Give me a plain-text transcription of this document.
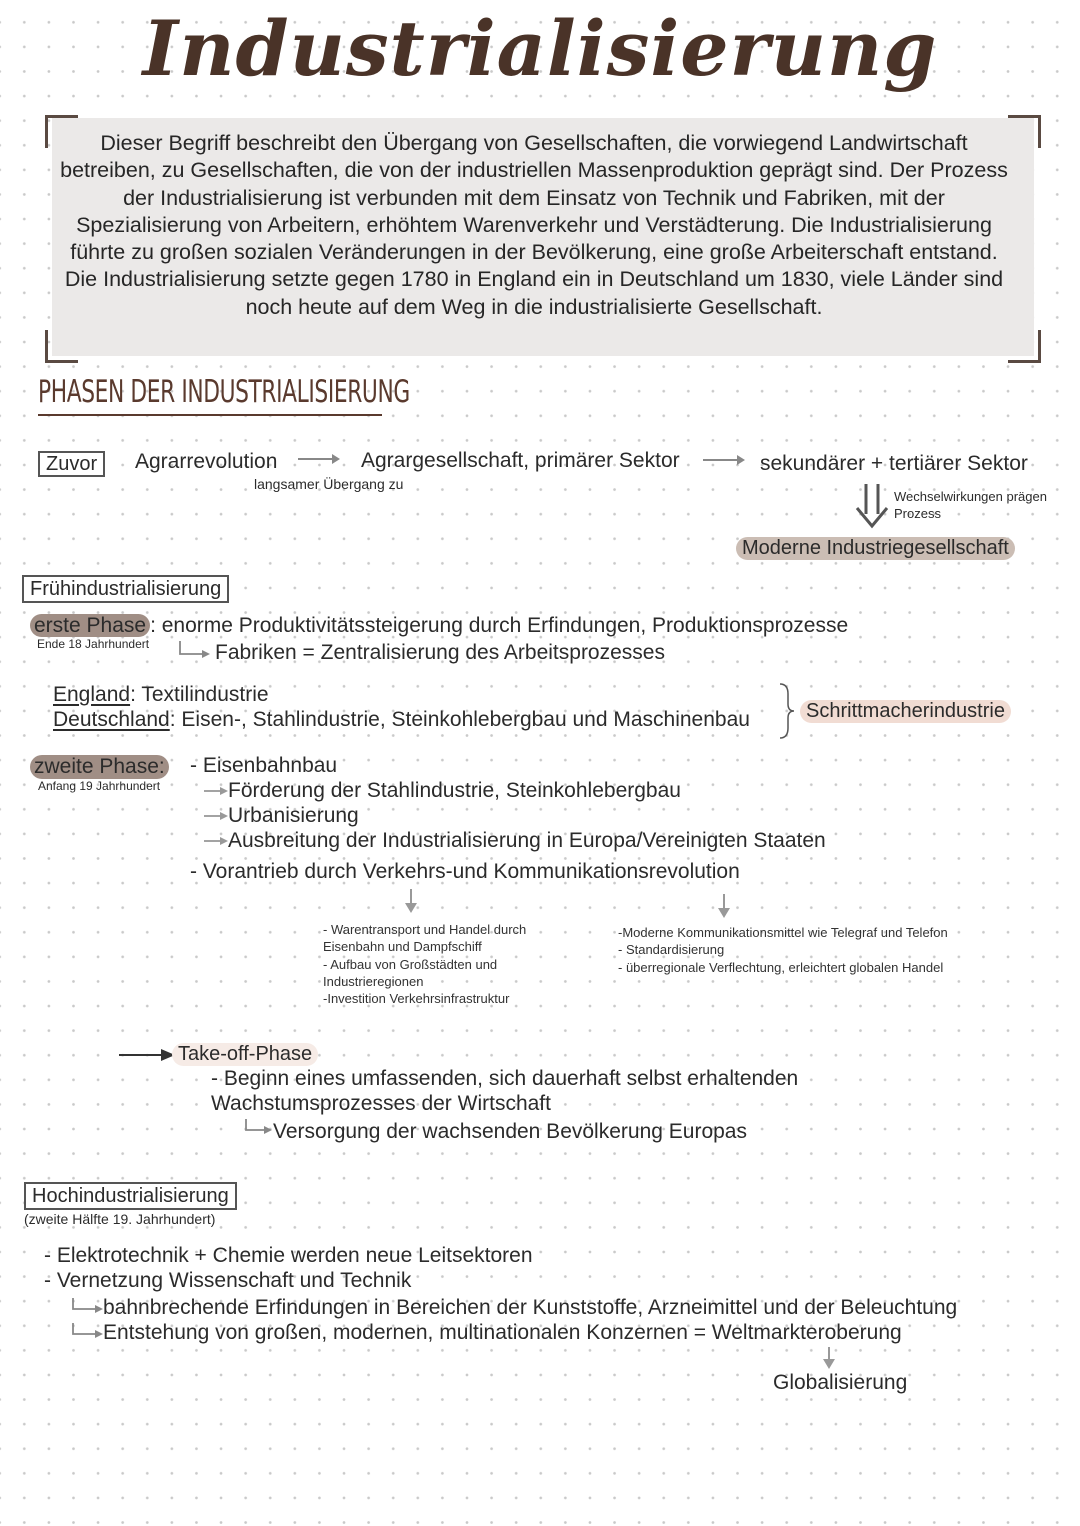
Industrialisierung
Dieser Begriff beschreibt den Übergang von Gesellschaften, die vorwiegend Landwirtschaft betreiben, zu Gesellschaften, die von der industriellen Massenproduktion geprägt sind. Der Prozess der Industrialisierung ist verbunden mit dem Einsatz von Technik und Fabriken, mit der Spezialisierung von Arbeitern, erhöhtem Warenverkehr und Verstädterung. Die Industrialisierung führte zu großen sozialen Veränderungen in der Bevölkerung, eine große Arbeiterschaft entstand. Die Industrialisierung setzte gegen 1780 in England ein in Deutschland um 1830, viele Länder sind noch heute auf dem Weg in die industrialisierte Gesellschaft.
PHASEN DER INDUSTRIALISIERUNG
Zuvor	Agrarrevolution
langsamer Übergang zu
Agrargesellschaft, primärer Sektor	sekundärer + tertiärer Sektor
Wechselwirkungen prägen Prozess
Moderne Industriegesellschaft
Frühindustrialisierung
erste Phase : enorme Produktivitätssteigerung durch Erfindungen, Produktionsprozesse
Ende 18 Jahrhundert	Fabriken = Zentralisierung des Arbeitsprozesses
England: Textilindustrie
Deutschland: Eisen-, Stahlindustrie, Steinkohlebergbau und Maschinenbau	Schrittmacherindustrie
zweite Phase:
Anfang 19 Jahrhundert
- Eisenbahnbau
Förderung der Stahlindustrie, Steinkohlebergbau
Urbanisierung
Ausbreitung der Industrialisierung in Europa/Vereinigten Staaten
- Vorantrieb durch Verkehrs-und Kommunikationsrevolution
- Warentransport und Handel durch Eisenbahn und Dampfschiff
- Aufbau von Großstädten und Industrieregionen
-Investition Verkehrsinfrastruktur
-Moderne Kommunikationsmittel wie Telegraf und Telefon
- Standardisierung
- überregionale Verflechtung, erleichtert globalen Handel
Take-off-Phase
- Beginn eines umfassenden, sich dauerhaft selbst erhaltenden Wachstumsprozesses der Wirtschaft
Versorgung der wachsenden Bevölkerung Europas
Hochindustrialisierung
(zweite Hälfte 19. Jahrhundert)
- Elektrotechnik + Chemie werden neue Leitsektoren
- Vernetzung Wissenschaft und Technik
bahnbrechende Erfindungen in Bereichen der Kunststoffe, Arzneimittel und der Beleuchtung
Entstehung von großen, modernen, multinationalen Konzernen = Weltmarkteroberung
Globalisierung
